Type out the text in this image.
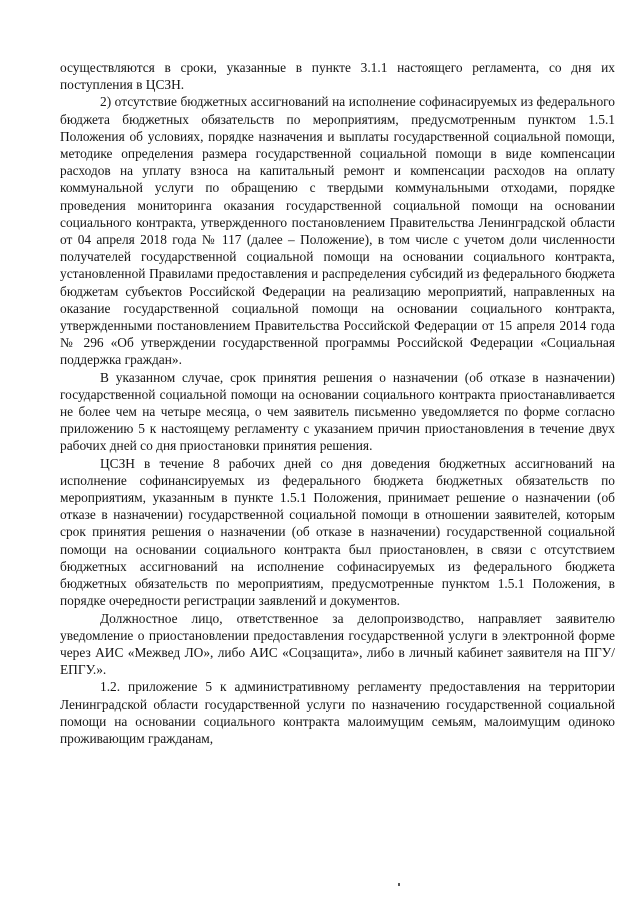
осуществляются в сроки, указанные в пункте 3.1.1 настоящего регламента, со дня их поступления в ЦСЗН.

2) отсутствие бюджетных ассигнований на исполнение софинасируемых из федерального бюджета бюджетных обязательств по мероприятиям, предусмотренным пунктом 1.5.1 Положения об условиях, порядке назначения и выплаты государственной социальной помощи, методике определения размера государственной социальной помощи в виде компенсации расходов на уплату взноса на капитальный ремонт и компенсации расходов на оплату коммунальной услуги по обращению с твердыми коммунальными отходами, порядке проведения мониторинга оказания государственной социальной помощи на основании социального контракта, утвержденного постановлением Правительства Ленинградской области от 04 апреля 2018 года № 117 (далее – Положение), в том числе с учетом доли численности получателей государственной социальной помощи на основании социального контракта, установленной Правилами предоставления и распределения субсидий из федерального бюджета бюджетам субъектов Российской Федерации на реализацию мероприятий, направленных на оказание государственной социальной помощи на основании социального контракта, утвержденными постановлением Правительства Российской Федерации от 15 апреля 2014 года № 296 «Об утверждении государственной программы Российской Федерации «Социальная поддержка граждан».

В указанном случае, срок принятия решения о назначении (об отказе в назначении) государственной социальной помощи на основании социального контракта приостанавливается не более чем на четыре месяца, о чем заявитель письменно уведомляется по форме согласно приложению 5 к настоящему регламенту с указанием причин приостановления в течение двух рабочих дней со дня приостановки принятия решения.

ЦСЗН в течение 8 рабочих дней со дня доведения бюджетных ассигнований на исполнение софинансируемых из федерального бюджета бюджетных обязательств по мероприятиям, указанным в пункте 1.5.1 Положения, принимает решение о назначении (об отказе в назначении) государственной социальной помощи в отношении заявителей, которым срок принятия решения о назначении (об отказе в назначении) государственной социальной помощи на основании социального контракта был приостановлен, в связи с отсутствием бюджетных ассигнований на исполнение софинасируемых из федерального бюджета бюджетных обязательств по мероприятиям, предусмотренные пунктом 1.5.1 Положения, в порядке очередности регистрации заявлений и документов.

Должностное лицо, ответственное за делопроизводство, направляет заявителю уведомление о приостановлении предоставления государственной услуги в электронной форме через АИС «Межвед ЛО», либо АИС «Соцзащита», либо в личный кабинет заявителя на ПГУ/ЕПГУ.».

1.2. приложение 5 к административному регламенту предоставления на территории Ленинградской области государственной услуги по назначению государственной социальной помощи на основании социального контракта малоимущим семьям, малоимущим одиноко проживающим гражданам,
